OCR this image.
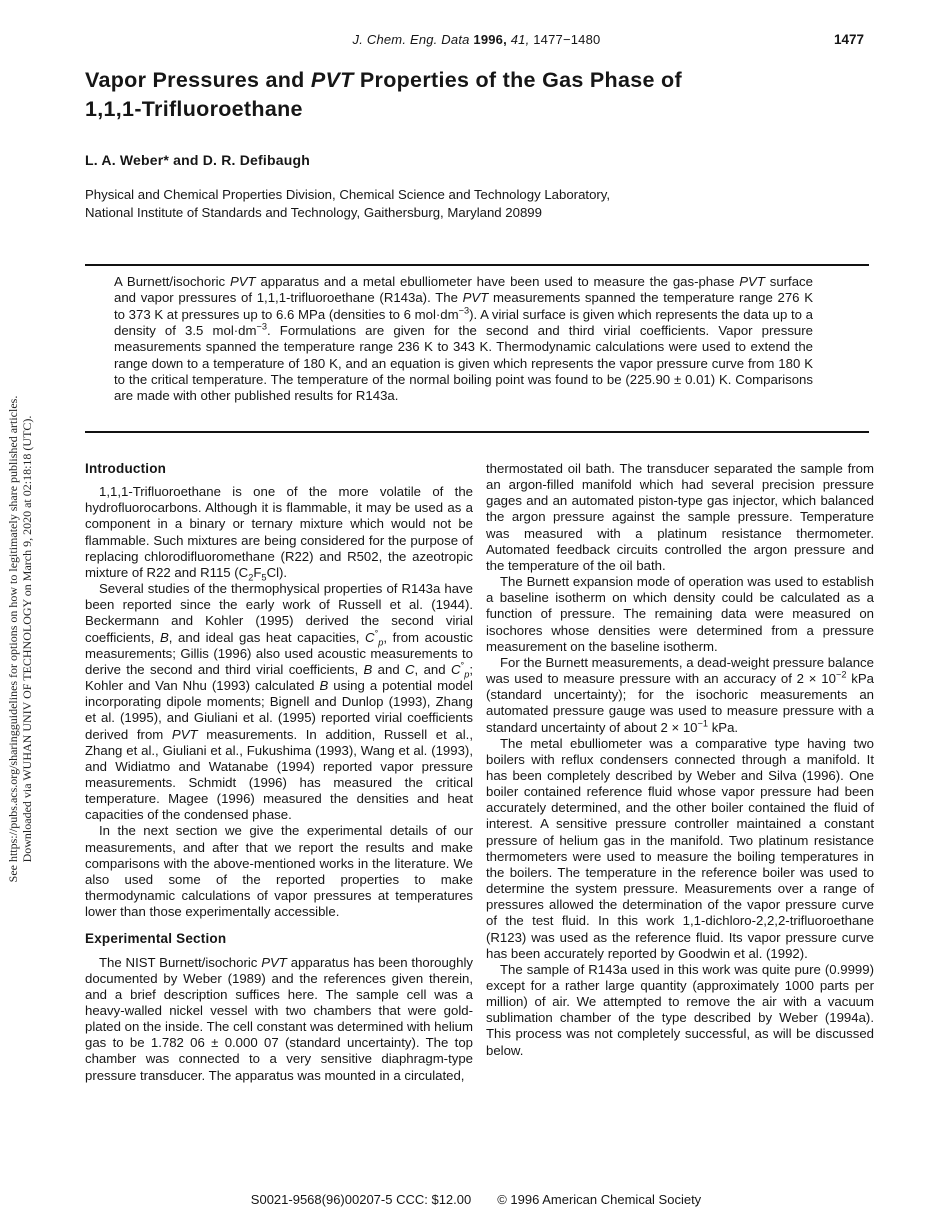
See https://pubs.acs.org/sharingguidelines for options on how to legitimately share published articles. Downloaded via WUHAN UNIV OF TECHNOLOGY on March 9, 2020 at 02:18:18 (UTC).
J. Chem. Eng. Data 1996, 41, 1477−1480	1477
Vapor Pressures and PVT Properties of the Gas Phase of
1,1,1-Trifluoroethane
L. A. Weber* and D. R. Defibaugh
Physical and Chemical Properties Division, Chemical Science and Technology Laboratory,
National Institute of Standards and Technology, Gaithersburg, Maryland 20899
A Burnett/isochoric PVT apparatus and a metal ebulliometer have been used to measure the gas-phase PVT surface and vapor pressures of 1,1,1-trifluoroethane (R143a). The PVT measurements spanned the temperature range 276 K to 373 K at pressures up to 6.6 MPa (densities to 6 $mol\cdot dm^{-3}$). A virial surface is given which represents the data up to a density of 3.5 $mol\cdot dm^{-3}$. Formulations are given for the second and third virial coefficients. Vapor pressure measurements spanned the temperature range 236 K to 343 K. Thermodynamic calculations were used to extend the range down to a temperature of 180 K, and an equation is given which represents the vapor pressure curve from 180 K to the critical temperature. The temperature of the normal boiling point was found to be (225.90 ± 0.01) K. Comparisons are made with other published results for R143a.
Introduction

1,1,1-Trifluoroethane is one of the more volatile of the hydrofluorocarbons. Although it is flammable, it may be used as a component in a binary or ternary mixture which would not be flammable. Such mixtures are being considered for the purpose of replacing chlorodifluoromethane (R22) and R502, the azeotropic mixture of R22 and R115 $(C_2F_5Cl)$.

Several studies of the thermophysical properties of R143a have been reported since the early work of Russell et al. (1944). Beckermann and Kohler (1995) derived the second virial coefficients, B, and ideal gas heat capacities, $C^\circ_p$, from acoustic measurements; Gillis (1996) also used acoustic measurements to derive the second and third virial coefficients, B and C, and $C^\circ_p$; Kohler and Van Nhu (1993) calculated B using a potential model incorporating dipole moments; Bignell and Dunlop (1993), Zhang et al. (1995), and Giuliani et al. (1995) reported virial coefficients derived from PVT measurements. In addition, Russell et al., Zhang et al., Giuliani et al., Fukushima (1993), Wang et al. (1993), and Widiatmo and Watanabe (1994) reported vapor pressure measurements. Schmidt (1996) has measured the critical temperature. Magee (1996) measured the densities and heat capacities of the condensed phase.

In the next section we give the experimental details of our measurements, and after that we report the results and make comparisons with the above-mentioned works in the literature. We also used some of the reported properties to make thermodynamic calculations of vapor pressures at temperatures lower than those experimentally accessible.

Experimental Section

The NIST Burnett/isochoric PVT apparatus has been thoroughly documented by Weber (1989) and the references given therein, and a brief description suffices here. The sample cell was a heavy-walled nickel vessel with two chambers that were gold-plated on the inside. The cell constant was determined with helium gas to be 1.782 06 ± 0.000 07 (standard uncertainty). The top chamber was connected to a very sensitive diaphragm-type pressure transducer. The apparatus was mounted in a circulated,

thermostated oil bath. The transducer separated the sample from an argon-filled manifold which had several precision pressure gages and an automated piston-type gas injector, which balanced the argon pressure against the sample pressure. Temperature was measured with a platinum resistance thermometer. Automated feedback circuits controlled the argon pressure and the temperature of the oil bath.

The Burnett expansion mode of operation was used to establish a baseline isotherm on which density could be calculated as a function of pressure. The remaining data were measured on isochores whose densities were determined from a pressure measurement on the baseline isotherm.

For the Burnett measurements, a dead-weight pressure balance was used to measure pressure with an accuracy of $2 \times 10^{-2}$ kPa (standard uncertainty); for the isochoric measurements an automated pressure gauge was used to measure pressure with a standard uncertainty of about $2 \times 10^{-1}$ kPa.

The metal ebulliometer was a comparative type having two boilers with reflux condensers connected through a manifold. It has been completely described by Weber and Silva (1996). One boiler contained reference fluid whose vapor pressure had been accurately determined, and the other boiler contained the fluid of interest. A sensitive pressure controller maintained a constant pressure of helium gas in the manifold. Two platinum resistance thermometers were used to measure the boiling temperatures in the boilers. The temperature in the reference boiler was used to determine the system pressure. Measurements over a range of pressures allowed the determination of the vapor pressure curve of the test fluid. In this work 1,1-dichloro-2,2,2-trifluoroethane (R123) was used as the reference fluid. Its vapor pressure curve has been accurately reported by Goodwin et al. (1992).

The sample of R143a used in this work was quite pure (0.9999) except for a rather large quantity (approximately 1000 parts per million) of air. We attempted to remove the air with a vacuum sublimation chamber of the type described by Weber (1994a). This process was not completely successful, as will be discussed below.

S0021-9568(96)00207-5 CCC: $12.00 © 1996 American Chemical Society
